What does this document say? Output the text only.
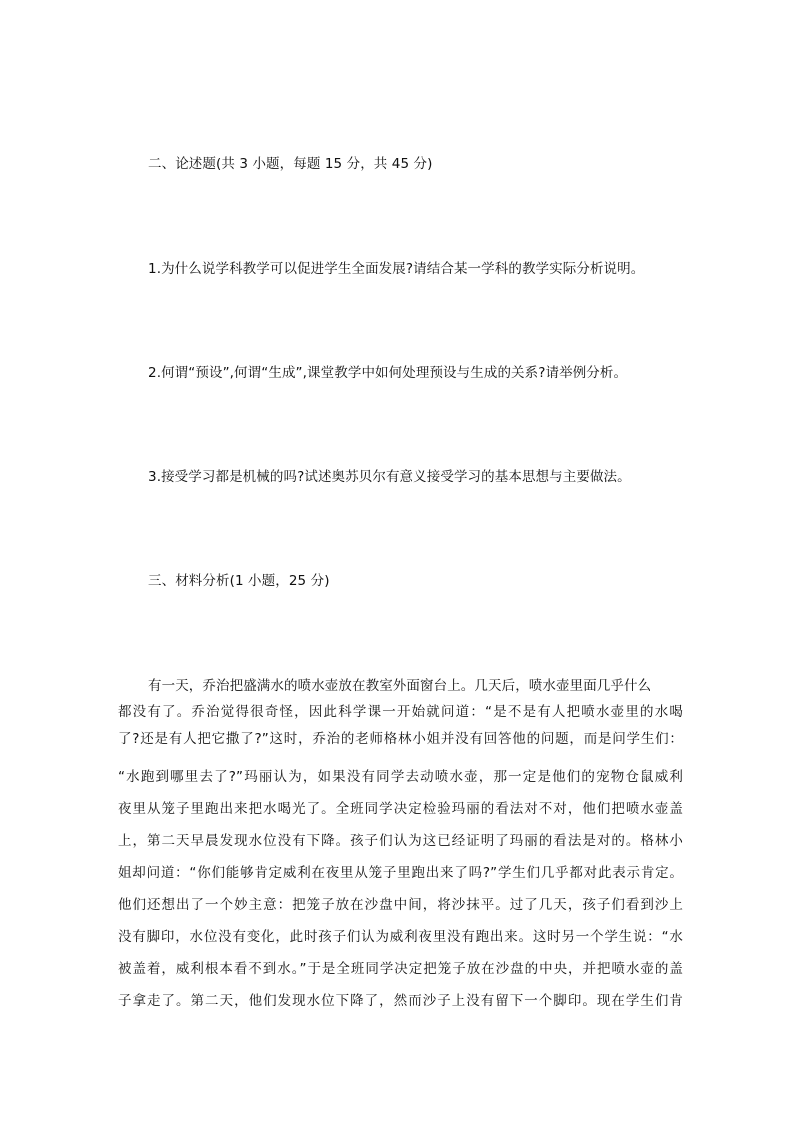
二、论述题(共 3 小题，每题 15 分，共 45 分)
1.为什么说学科教学可以促进学生全面发展?请结合某一学科的教学实际分析说明。
2.何谓“预设”,何谓“生成”,课堂教学中如何处理预设与生成的关系?请举例分析。
3.接受学习都是机械的吗?试述奥苏贝尔有意义接受学习的基本思想与主要做法。
三、材料分析(1 小题，25 分)
有一天，乔治把盛满水的喷水壶放在教室外面窗台上。几天后，喷水壶里面几乎什么
都没有了。乔治觉得很奇怪，因此科学课一开始就问道：“是不是有人把喷水壶里的水喝
了?还是有人把它撒了?”这时，乔治的老师格林小姐并没有回答他的问题，而是问学生们：
“水跑到哪里去了?”玛丽认为，如果没有同学去动喷水壶，那一定是他们的宠物仓鼠威利
夜里从笼子里跑出来把水喝光了。全班同学决定检验玛丽的看法对不对，他们把喷水壶盖
上，第二天早晨发现水位没有下降。孩子们认为这已经证明了玛丽的看法是对的。格林小
姐却问道：“你们能够肯定威利在夜里从笼子里跑出来了吗?”学生们几乎都对此表示肯定。
他们还想出了一个妙主意：把笼子放在沙盘中间，将沙抹平。过了几天，孩子们看到沙上
没有脚印，水位没有变化，此时孩子们认为威利夜里没有跑出来。这时另一个学生说：“水
被盖着，威利根本看不到水。”于是全班同学决定把笼子放在沙盘的中央，并把喷水壶的盖
子拿走了。第二天，他们发现水位下降了，然而沙子上没有留下一个脚印。现在学生们肯
